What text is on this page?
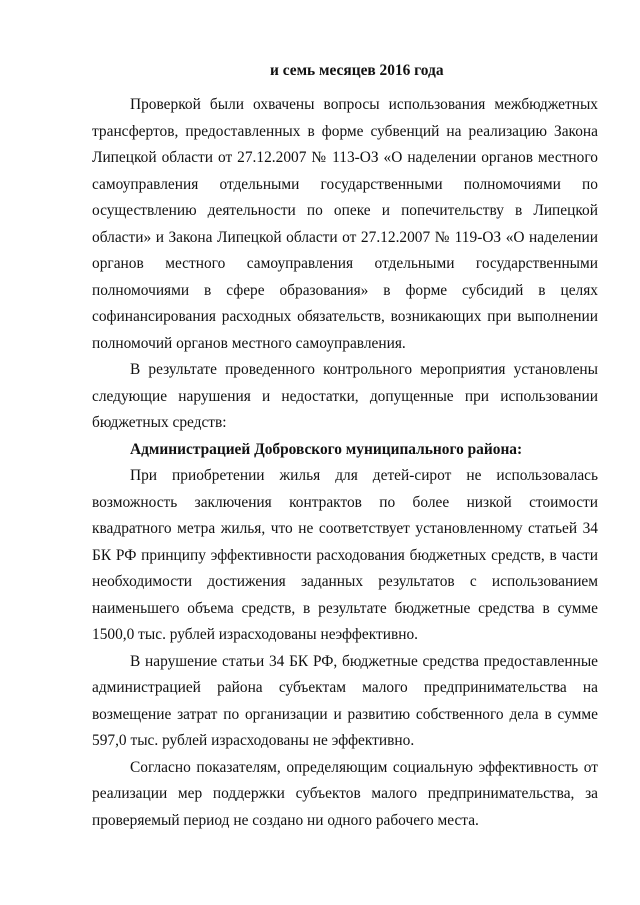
и семь месяцев 2016 года

Проверкой были охвачены вопросы использования межбюджетных трансфертов, предоставленных в форме субвенций на реализацию Закона Липецкой области от 27.12.2007 № 113-ОЗ «О наделении органов местного самоуправления отдельными государственными полномочиями по осуществлению деятельности по опеке и попечительству в Липецкой области» и Закона Липецкой области от 27.12.2007 № 119-ОЗ «О наделении органов местного самоуправления отдельными государственными полномочиями в сфере образования» в форме субсидий в целях софинансирования расходных обязательств, возникающих при выполнении полномочий органов местного самоуправления.

В результате проведенного контрольного мероприятия установлены следующие нарушения и недостатки, допущенные при использовании бюджетных средств:

Администрацией Добровского муниципального района:

При приобретении жилья для детей-сирот не использовалась возможность заключения контрактов по более низкой стоимости квадратного метра жилья, что не соответствует установленному статьей 34 БК РФ принципу эффективности расходования бюджетных средств, в части необходимости достижения заданных результатов с использованием наименьшего объема средств, в результате бюджетные средства в сумме 1500,0 тыс. рублей израсходованы неэффективно.

В нарушение статьи 34 БК РФ, бюджетные средства предоставленные администрацией района субъектам малого предпринимательства на возмещение затрат по организации и развитию собственного дела в сумме 597,0 тыс. рублей израсходованы не эффективно.

Согласно показателям, определяющим социальную эффективность от реализации мер поддержки субъектов малого предпринимательства, за проверяемый период не создано ни одного рабочего места.
